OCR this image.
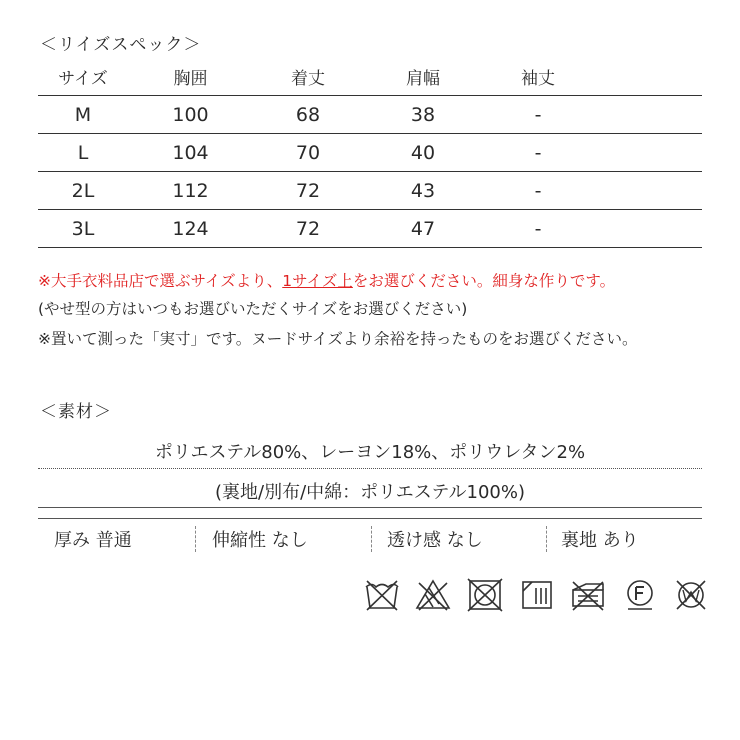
＜リイズスペック＞
サイズ	胸囲	着丈	肩幅	袖丈	
M	100	68	38	-	
L	104	70	40	-	
2L	112	72	43	-	
3L	124	72	47	-	
※大手衣料品店で選ぶサイズより、1サイズ上をお選びください。細身な作りです。
(やせ型の方はいつもお選びいただくサイズをお選びください)
※置いて測った「実寸」です。ヌードサイズより余裕を持ったものをお選びください。
＜素材＞
ポリエステル80%、レーヨン18%、ポリウレタン2%
(裏地/別布/中綿：ポリエステル100%)
厚み 普通	伸縮性 なし	透け感 なし	裏地 あり
